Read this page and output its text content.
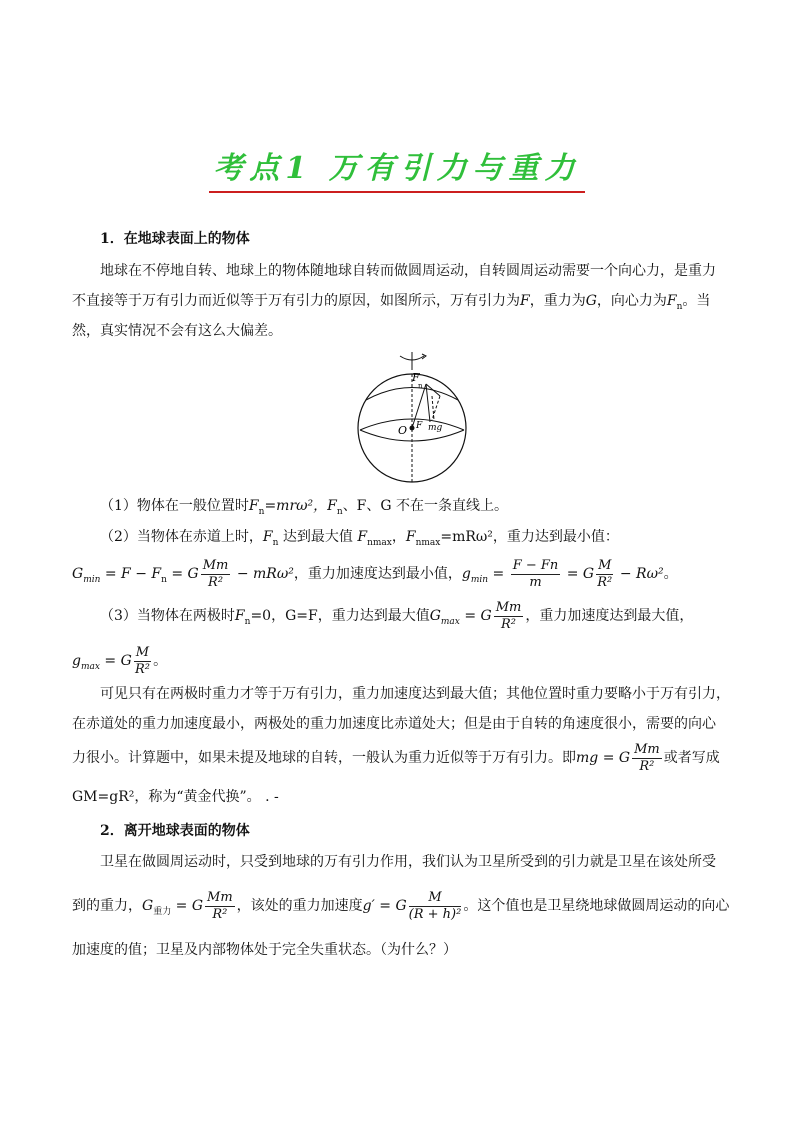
考点1 万有引力与重力
1．在地球表面上的物体
地球在不停地自转、地球上的物体随地球自转而做圆周运动，自转圆周运动需要一个向心力，是重力
不直接等于万有引力而近似等于万有引力的原因，如图所示，万有引力为F，重力为G，向心力为$F_n$。当
然，真实情况不会有这么大偏差。
F
n
O F mg
（1）物体在一般位置时$F_n=mr\omega^2$，$F_n$、F、G 不在一条直线上。
（2）当物体在赤道上时，$F_n$ 达到最大值 $F_{nmax}$，$F_{nmax}=mR\omega^2$，重力达到最小值：
$G_{min} = F - F_n = G \frac{Mm}{\text{R²}} - mR\omega^2$，重力加速度达到最小值，$g_{min} = \frac{F - Fn}{m} = G \frac{M}{\text{R²}} - R\omega^2$。
（3）当物体在两极时$F_n=0$，G=F，重力达到最大值$G_{max} = G \frac{Mm}{\text{R²}}$ ，重力加速度达到最大值，
$g_{max} = G \frac{M}{\text{R²}}$ 。
可见只有在两极时重力才等于万有引力，重力加速度达到最大值；其他位置时重力要略小于万有引力，
在赤道处的重力加速度最小，两极处的重力加速度比赤道处大；但是由于自转的角速度很小，需要的向心
力很小。计算题中，如果未提及地球的自转，一般认为重力近似等于万有引力。即mg = G $\frac{Mm}{\text{R²}}$ 或者写成
GM=gR²，称为“黄金代换”。 . -
2．离开地球表面的物体
卫星在做圆周运动时，只受到地球的万有引力作用，我们认为卫星所受到的引力就是卫星在该处所受
到的重力，$G_{重力} = G \frac{Mm}{\text{R²}}$ ，该处的重力加速度g′ = G $\frac{M}{\text{(R + h)²}}$ 。这个值也是卫星绕地球做圆周运动的向心
加速度的值；卫星及内部物体处于完全失重状态。（为什么？）
